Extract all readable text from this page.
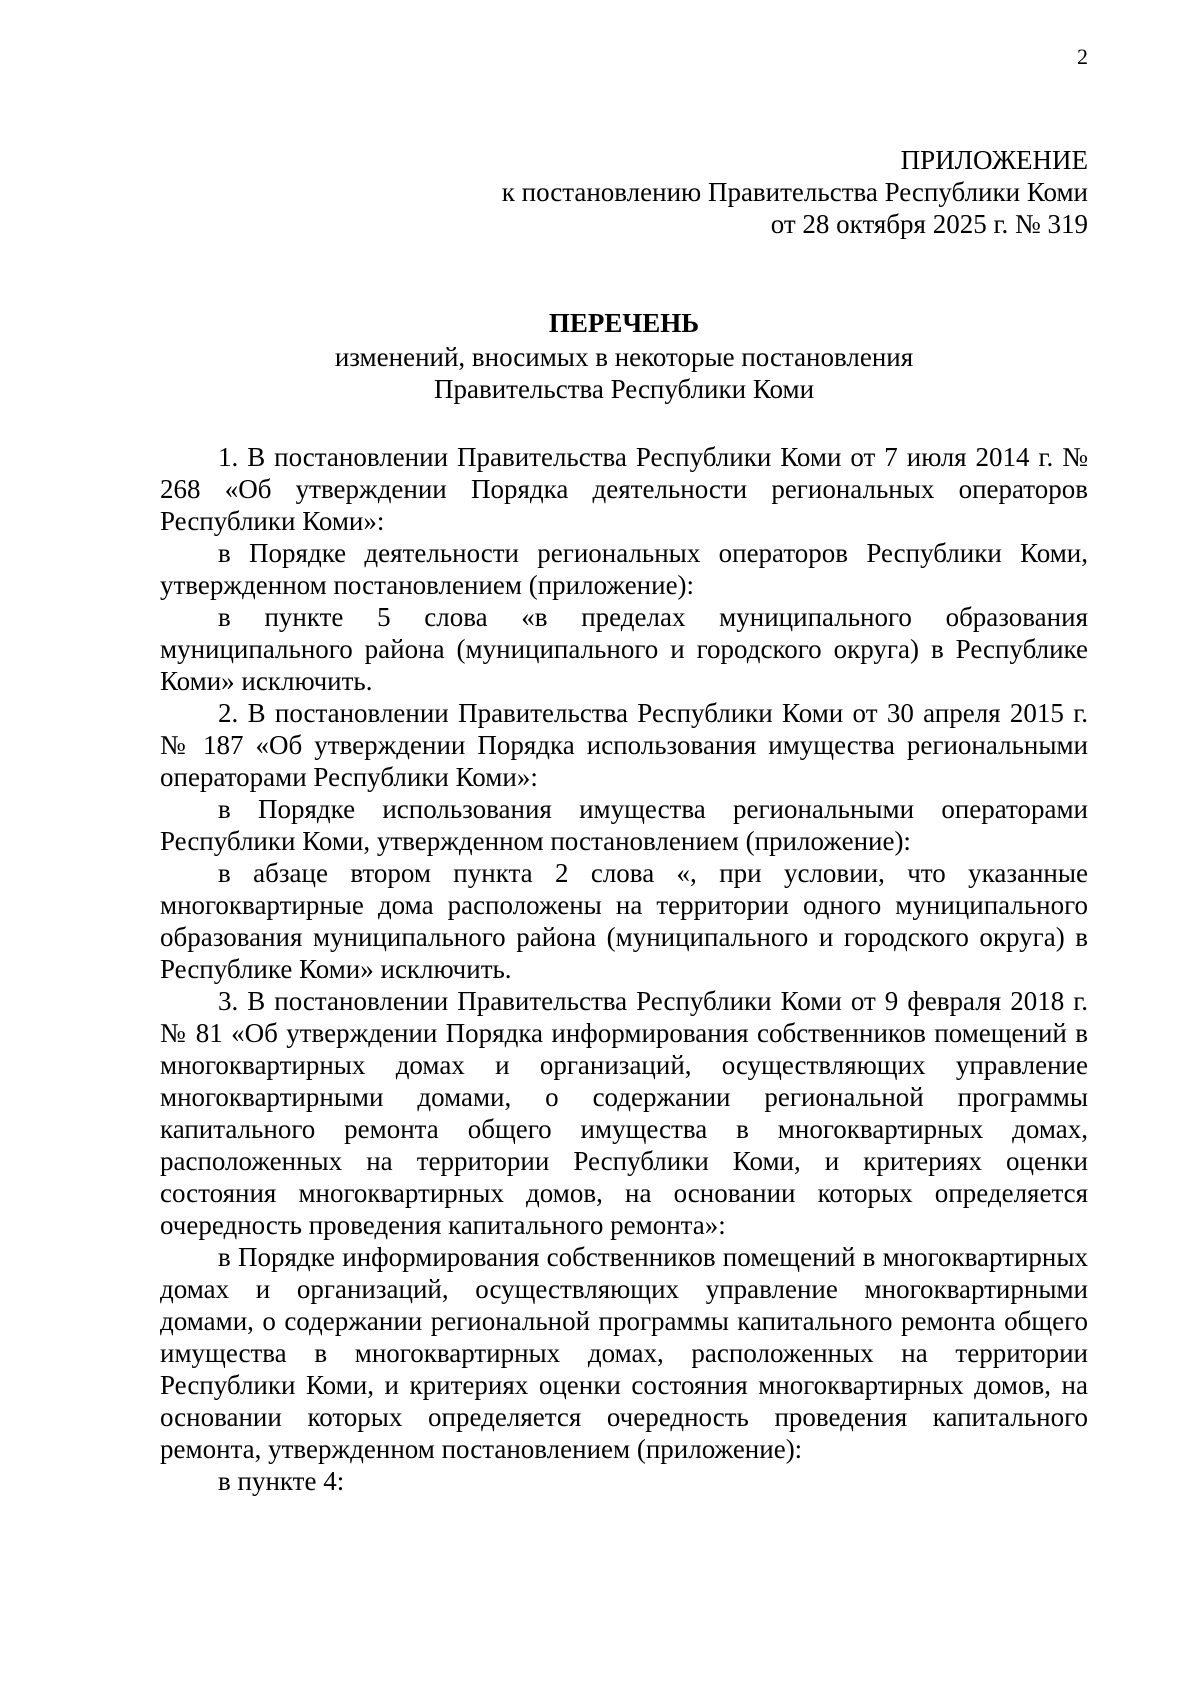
2
ПРИЛОЖЕНИЕ
к постановлению Правительства Республики Коми
от 28 октября 2025 г. № 319
ПЕРЕЧЕНЬ
изменений, вносимых в некоторые постановления
Правительства Республики Коми

1. В постановлении Правительства Республики Коми от 7 июля 2014 г. № 268 «Об утверждении Порядка деятельности региональных операторов Республики Коми»:

в Порядке деятельности региональных операторов Республики Коми, утвержденном постановлением (приложение):

в пункте 5 слова «в пределах муниципального образования муниципального района (муниципального и городского округа) в Республике Коми» исключить.

2. В постановлении Правительства Республики Коми от 30 апреля 2015 г. № 187 «Об утверждении Порядка использования имущества региональными операторами Республики Коми»:

в Порядке использования имущества региональными операторами Республики Коми, утвержденном постановлением (приложение):

в абзаце втором пункта 2 слова «, при условии, что указанные многоквартирные дома расположены на территории одного муниципального образования муниципального района (муниципального и городского округа) в Республике Коми» исключить.

3. В постановлении Правительства Республики Коми от 9 февраля 2018 г. № 81 «Об утверждении Порядка информирования собственников помещений в многоквартирных домах и организаций, осуществляющих управление многоквартирными домами, о содержании региональной программы капитального ремонта общего имущества в многоквартирных домах, расположенных на территории Республики Коми, и критериях оценки состояния многоквартирных домов, на основании которых определяется очередность проведения капитального ремонта»:

в Порядке информирования собственников помещений в многоквартирных домах и организаций, осуществляющих управление многоквартирными домами, о содержании региональной программы капитального ремонта общего имущества в многоквартирных домах, расположенных на территории Республики Коми, и критериях оценки состояния многоквартирных домов, на основании которых определяется очередность проведения капитального ремонта, утвержденном постановлением (приложение):

в пункте 4:
